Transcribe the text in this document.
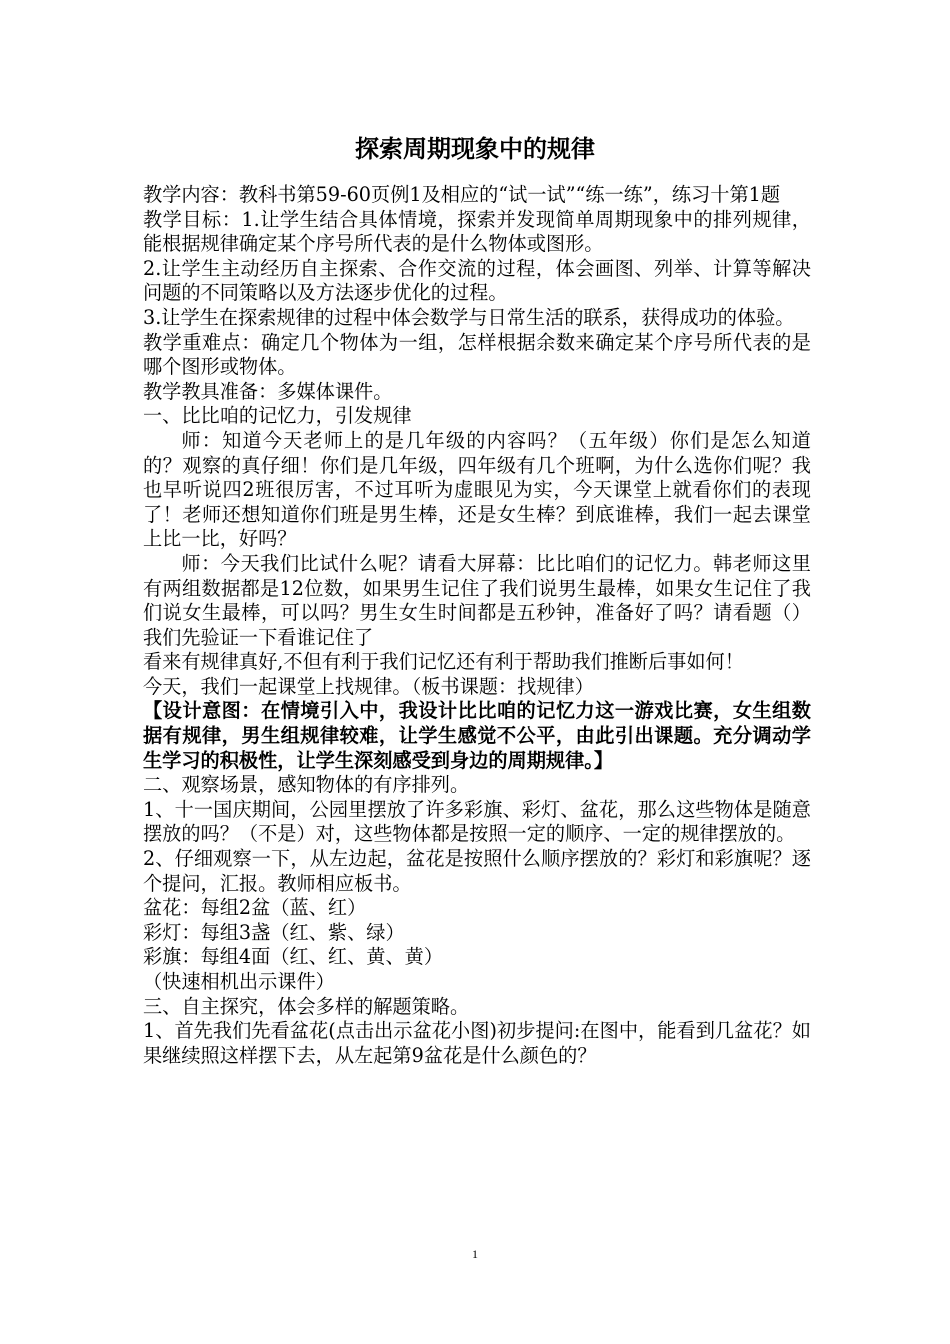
探索周期现象中的规律

教学内容：教科书第59-60页例1及相应的“试一试”“练一练”，练习十第1题

教学目标：1.让学生结合具体情境，探索并发现简单周期现象中的排列规律，能根据规律确定某个序号所代表的是什么物体或图形。

2.让学生主动经历自主探索、合作交流的过程，体会画图、列举、计算等解决问题的不同策略以及方法逐步优化的过程。

3.让学生在探索规律的过程中体会数学与日常生活的联系，获得成功的体验。

教学重难点：确定几个物体为一组，怎样根据余数来确定某个序号所代表的是哪个图形或物体。

教学教具准备：多媒体课件。

一、比比咱的记忆力，引发规律

师：知道今天老师上的是几年级的内容吗？（五年级）你们是怎么知道的？观察的真仔细！你们是几年级，四年级有几个班啊，为什么选你们呢？我也早听说四2班很厉害，不过耳听为虚眼见为实，今天课堂上就看你们的表现了！老师还想知道你们班是男生棒，还是女生棒？到底谁棒，我们一起去课堂上比一比，好吗？

师：今天我们比试什么呢？请看大屏幕：比比咱们的记忆力。韩老师这里有两组数据都是12位数，如果男生记住了我们说男生最棒，如果女生记住了我们说女生最棒，可以吗？男生女生时间都是五秒钟，准备好了吗？请看题（）我们先验证一下看谁记住了

看来有规律真好,不但有利于我们记忆还有利于帮助我们推断后事如何！

今天，我们一起课堂上找规律。（板书课题：找规律）

【设计意图：在情境引入中，我设计比比咱的记忆力这一游戏比赛，女生组数据有规律，男生组规律较难，让学生感觉不公平，由此引出课题。充分调动学生学习的积极性，让学生深刻感受到身边的周期规律。】

二、观察场景，感知物体的有序排列。

1、十一国庆期间，公园里摆放了许多彩旗、彩灯、盆花，那么这些物体是随意摆放的吗？（不是）对，这些物体都是按照一定的顺序、一定的规律摆放的。

2、仔细观察一下，从左边起，盆花是按照什么顺序摆放的？彩灯和彩旗呢？逐个提问，汇报。教师相应板书。

盆花：每组2盆（蓝、红）

彩灯：每组3盏（红、紫、绿）

彩旗：每组4面（红、红、黄、黄）

（快速相机出示课件）

三、自主探究，体会多样的解题策略。

1、首先我们先看盆花(点击出示盆花小图)初步提问:在图中，能看到几盆花？如果继续照这样摆下去，从左起第9盆花是什么颜色的？

1
